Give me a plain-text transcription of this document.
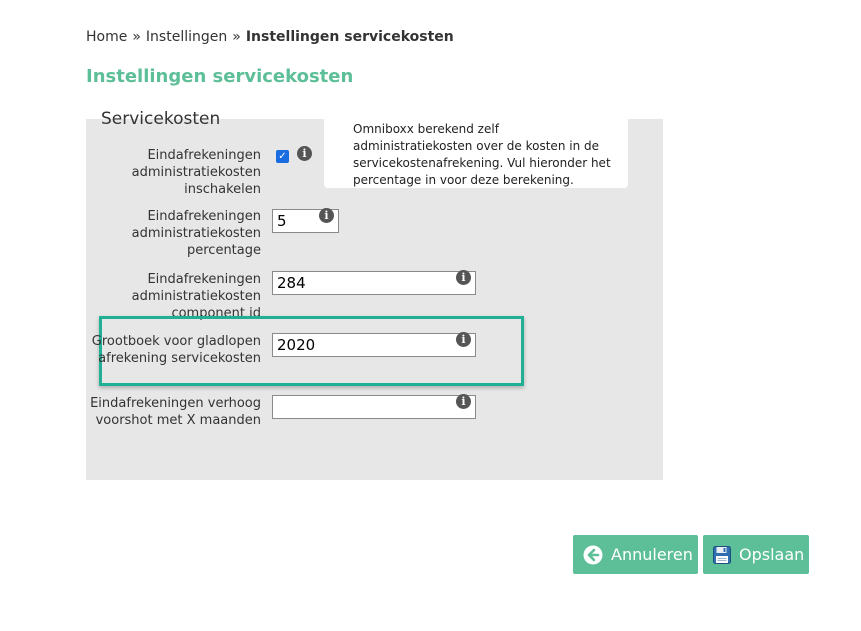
Home » Instellingen » Instellingen servicekosten
Instellingen servicekosten
Servicekosten
Eindafrekeningen administratiekosten inschakelen
✓	i
Omniboxx berekend zelf administratiekosten over de kosten in de servicekostenafrekening. Vul hieronder het percentage in voor deze berekening.
Eindafrekeningen administratiekosten percentage
5
i
Eindafrekeningen administratiekosten component id
284
i
Grootboek voor gladlopen afrekening servicekosten
2020
i
Eindafrekeningen verhoog voorshot met X maanden
i
Annuleren	Opslaan
